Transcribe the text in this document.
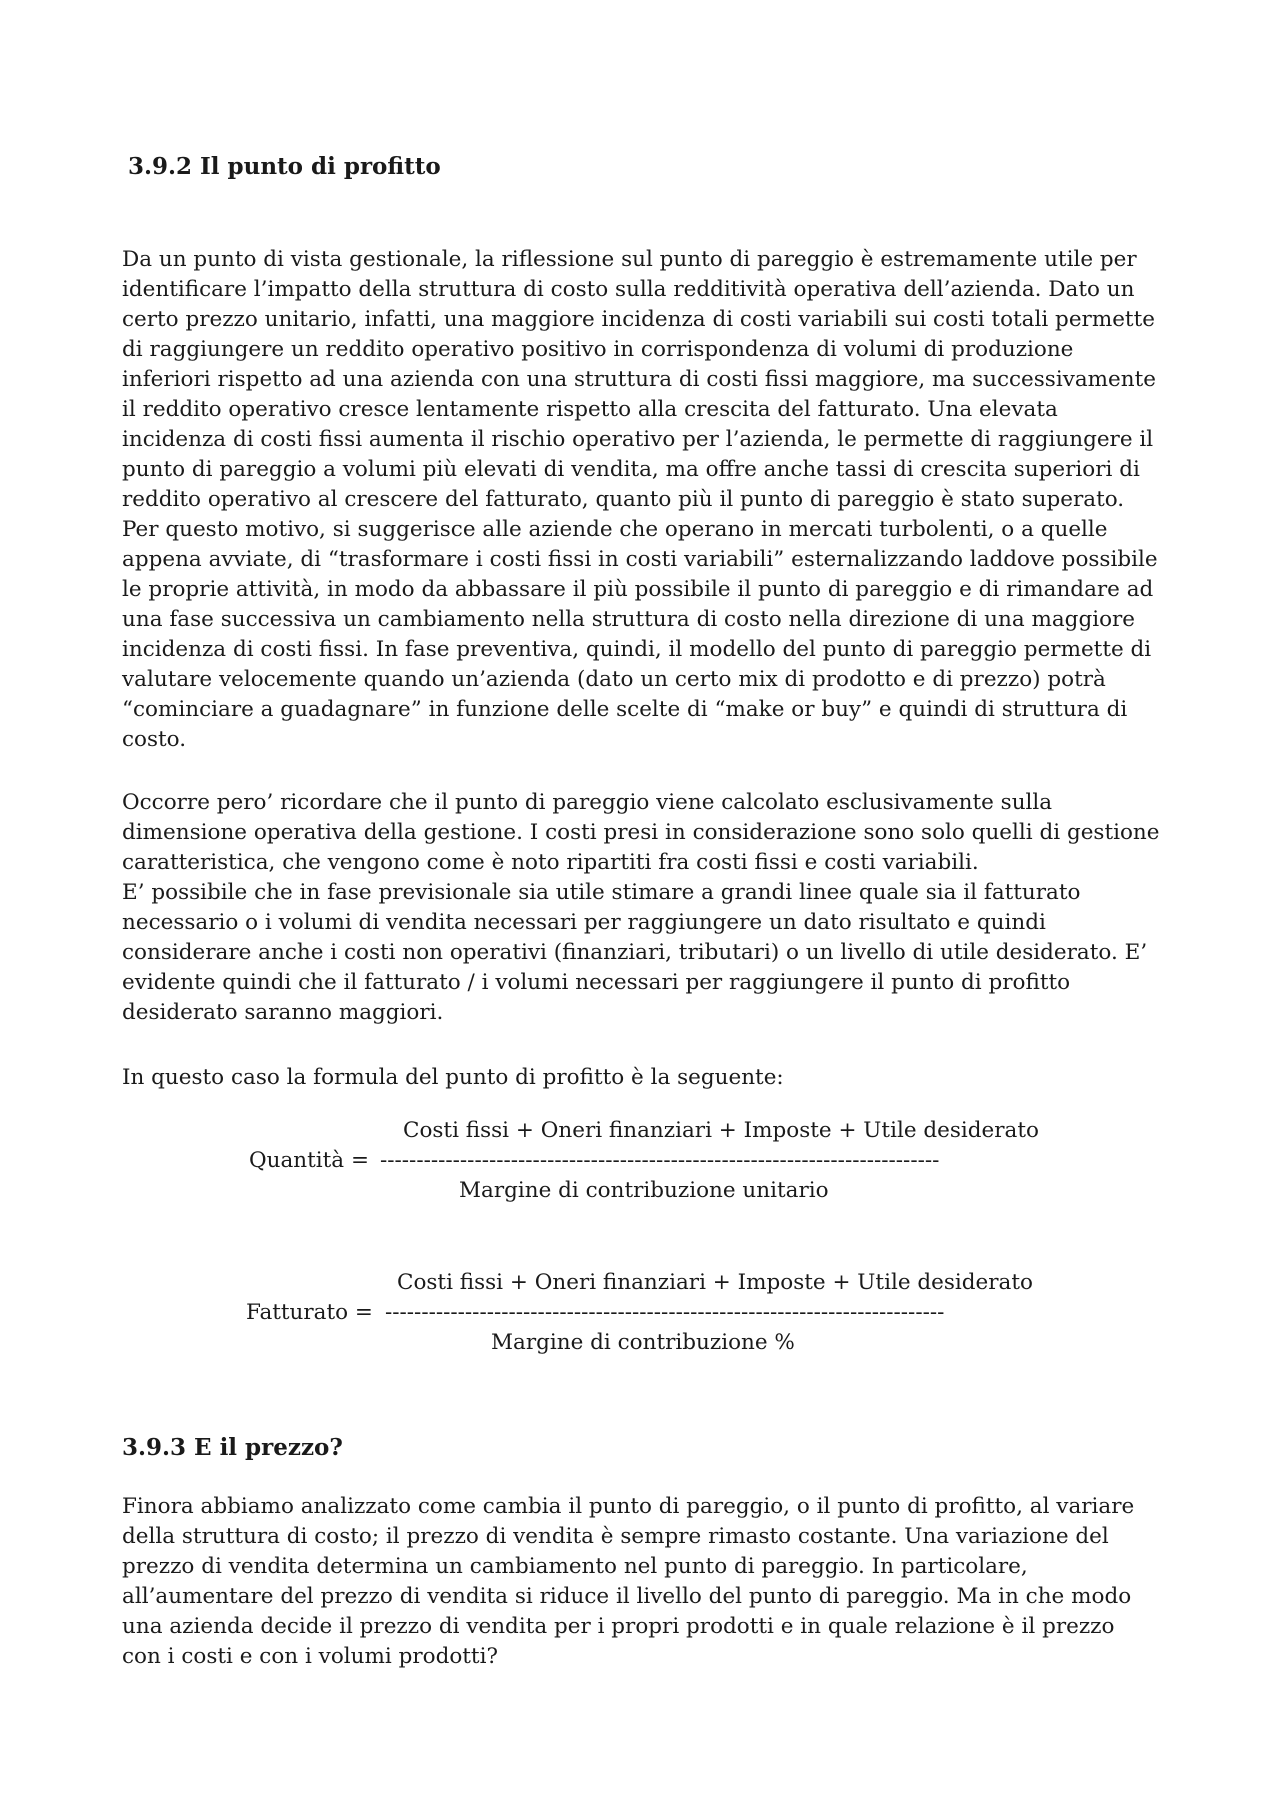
3.9.2 Il punto di profitto
Da un punto di vista gestionale, la riflessione sul punto di pareggio è estremamente utile per
identificare l’impatto della struttura di costo sulla redditività operativa dell’azienda. Dato un
certo prezzo unitario, infatti, una maggiore incidenza di costi variabili sui costi totali permette
di raggiungere un reddito operativo positivo in corrispondenza di volumi di produzione
inferiori rispetto ad una azienda con una struttura di costi fissi maggiore, ma successivamente
il reddito operativo cresce lentamente rispetto alla crescita del fatturato. Una elevata
incidenza di costi fissi aumenta il rischio operativo per l’azienda, le permette di raggiungere il
punto di pareggio a volumi più elevati di vendita, ma offre anche tassi di crescita superiori di
reddito operativo al crescere del fatturato, quanto più il punto di pareggio è stato superato.
Per questo motivo, si suggerisce alle aziende che operano in mercati turbolenti, o a quelle
appena avviate, di “trasformare i costi fissi in costi variabili” esternalizzando laddove possibile
le proprie attività, in modo da abbassare il più possibile il punto di pareggio e di rimandare ad
una fase successiva un cambiamento nella struttura di costo nella direzione di una maggiore
incidenza di costi fissi. In fase preventiva, quindi, il modello del punto di pareggio permette di
valutare velocemente quando un’azienda (dato un certo mix di prodotto e di prezzo) potrà
“cominciare a guadagnare” in funzione delle scelte di “make or buy” e quindi di struttura di
costo.
Occorre pero’ ricordare che il punto di pareggio viene calcolato esclusivamente sulla
dimensione operativa della gestione. I costi presi in considerazione sono solo quelli di gestione
caratteristica, che vengono come è noto ripartiti fra costi fissi e costi variabili.
E’ possibile che in fase previsionale sia utile stimare a grandi linee quale sia il fatturato
necessario o i volumi di vendita necessari per raggiungere un dato risultato e quindi
considerare anche i costi non operativi (finanziari, tributari) o un livello di utile desiderato. E’
evidente quindi che il fatturato / i volumi necessari per raggiungere il punto di profitto
desiderato saranno maggiori.
In questo caso la formula del punto di profitto è la seguente:
Costi fissi + Oneri finanziari + Imposte + Utile desiderato
Quantità = -----------------------------------------------------------------------------
Margine di contribuzione unitario
Costi fissi + Oneri finanziari + Imposte + Utile desiderato
Fatturato = -----------------------------------------------------------------------------
Margine di contribuzione %
3.9.3 E il prezzo?
Finora abbiamo analizzato come cambia il punto di pareggio, o il punto di profitto, al variare
della struttura di costo; il prezzo di vendita è sempre rimasto costante. Una variazione del
prezzo di vendita determina un cambiamento nel punto di pareggio. In particolare,
all’aumentare del prezzo di vendita si riduce il livello del punto di pareggio. Ma in che modo
una azienda decide il prezzo di vendita per i propri prodotti e in quale relazione è il prezzo
con i costi e con i volumi prodotti?
